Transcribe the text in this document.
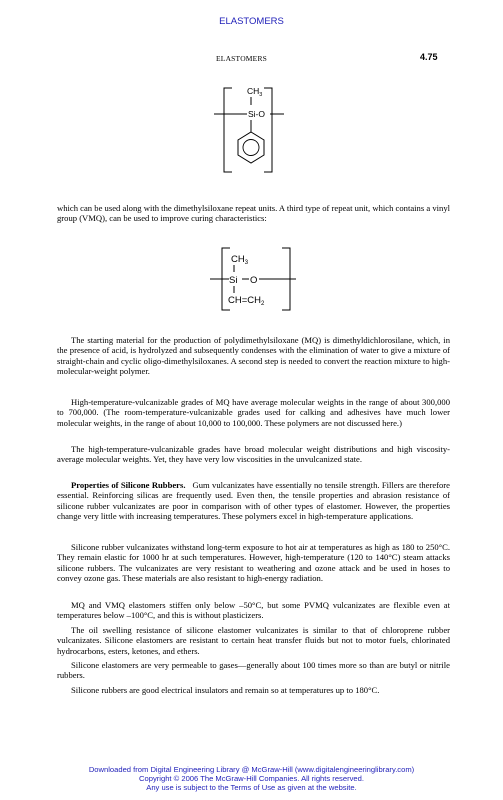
ELASTOMERS
ELASTOMERS	4.75
$CH_3$
Si-O

which can be used along with the dimethylsiloxane repeat units. A third type of repeat unit, which contains a vinyl group (VMQ), can be used to improve curing characteristics:

$CH_3$
Si O
$CH=CH_2$

The starting material for the production of polydimethylsiloxane (MQ) is dimethyldichlorosilane, which, in the presence of acid, is hydrolyzed and subsequently condenses with the elimination of water to give a mixture of straight-chain and cyclic oligo-dimethylsiloxanes. A second step is needed to convert the reaction mixture to high-molecular-weight polymer.

High-temperature-vulcanizable grades of MQ have average molecular weights in the range of about 300,000 to 700,000. (The room-temperature-vulcanizable grades used for calking and adhesives have much lower molecular weights, in the range of about 10,000 to 100,000. These polymers are not discussed here.)

The high-temperature-vulcanizable grades have broad molecular weight distributions and high viscosity-average molecular weights. Yet, they have very low viscosities in the unvulcanized state.

Properties of Silicone Rubbers. Gum vulcanizates have essentially no tensile strength. Fillers are therefore essential. Reinforcing silicas are frequently used. Even then, the tensile properties and abrasion resistance of silicone rubber vulcanizates are poor in comparison with of other types of elastomer. However, the properties change very little with increasing temperatures. These polymers excel in high-temperature applications.

Silicone rubber vulcanizates withstand long-term exposure to hot air at temperatures as high as 180 to 250°C. They remain elastic for 1000 hr at such temperatures. However, high-temperature (120 to 140°C) steam attacks silicone rubbers. The vulcanizates are very resistant to weathering and ozone attack and be used in hoses to convey ozone gas. These materials are also resistant to high-energy radiation.

MQ and VMQ elastomers stiffen only below –50°C, but some PVMQ vulcanizates are flexible even at temperatures below –100°C, and this is without plasticizers.

The oil swelling resistance of silicone elastomer vulcanizates is similar to that of chloroprene rubber vulcanizates. Silicone elastomers are resistant to certain heat transfer fluids but not to motor fuels, chlorinated hydrocarbons, esters, ketones, and ethers.

Silicone elastomers are very permeable to gases—generally about 100 times more so than are butyl or nitrile rubbers.

Silicone rubbers are good electrical insulators and remain so at temperatures up to 180°C.

Downloaded from Digital Engineering Library @ McGraw-Hill (www.digitalengineeringlibrary.com)
Copyright © 2006 The McGraw-Hill Companies. All rights reserved.
Any use is subject to the Terms of Use as given at the website.
